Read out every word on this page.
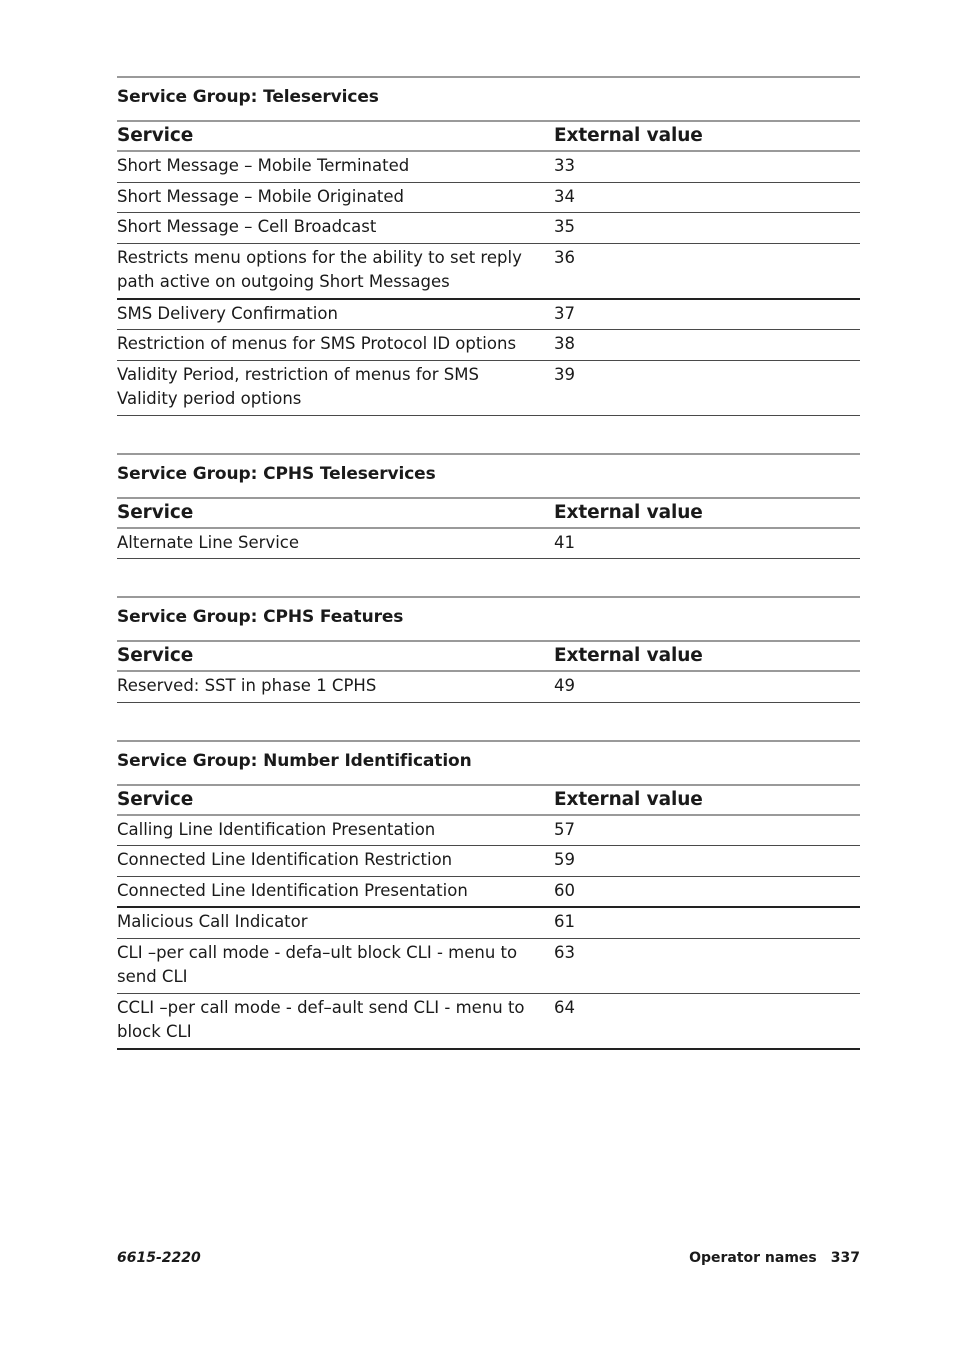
Service Group: Teleservices
Service	External value
Short Message – Mobile Terminated	33
Short Message – Mobile Originated	34
Short Message – Cell Broadcast	35
Restricts menu options for the ability to set reply path active on outgoing Short Messages	36
SMS Delivery Confirmation	37
Restriction of menus for SMS Protocol ID options	38
Validity Period, restriction of menus for SMS Validity period options	39
Service Group: CPHS Teleservices
Service	External value
Alternate Line Service	41
Service Group: CPHS Features
Service	External value
Reserved: SST in phase 1 CPHS	49
Service Group: Number Identification
Service	External value
Calling Line Identification Presentation	57
Connected Line Identification Restriction	59
Connected Line Identification Presentation	60
Malicious Call Indicator	61
CLI –per call mode - defa–ult block CLI - menu to send CLI	63
CCLI –per call mode - def–ault send CLI - menu to block CLI	64
6615-2220	Operator names 337
